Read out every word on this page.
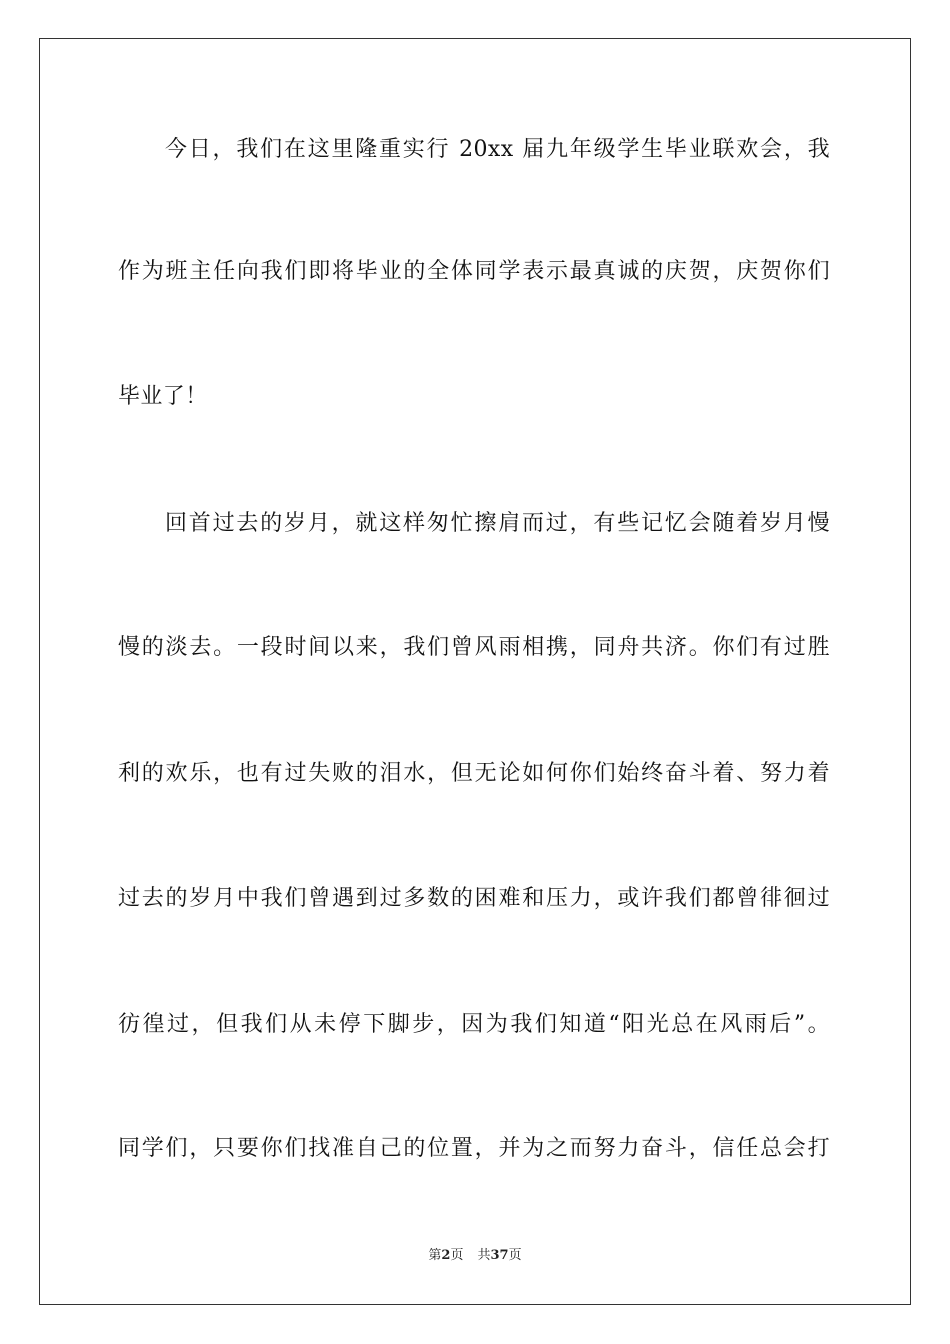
今日，我们在这里隆重实行 20xx 届九年级学生毕业联欢会，我
作为班主任向我们即将毕业的全体同学表示最真诚的庆贺，庆贺你们
毕业了！
回首过去的岁月，就这样匆忙擦肩而过，有些记忆会随着岁月慢
慢的淡去。一段时间以来，我们曾风雨相携，同舟共济。你们有过胜
利的欢乐，也有过失败的泪水，但无论如何你们始终奋斗着、努力着
过去的岁月中我们曾遇到过多数的困难和压力，或许我们都曾徘徊过
彷徨过，但我们从未停下脚步，因为我们知道“阳光总在风雨后”。
同学们，只要你们找准自己的位置，并为之而努力奋斗，信任总会打
第2页 共37页
